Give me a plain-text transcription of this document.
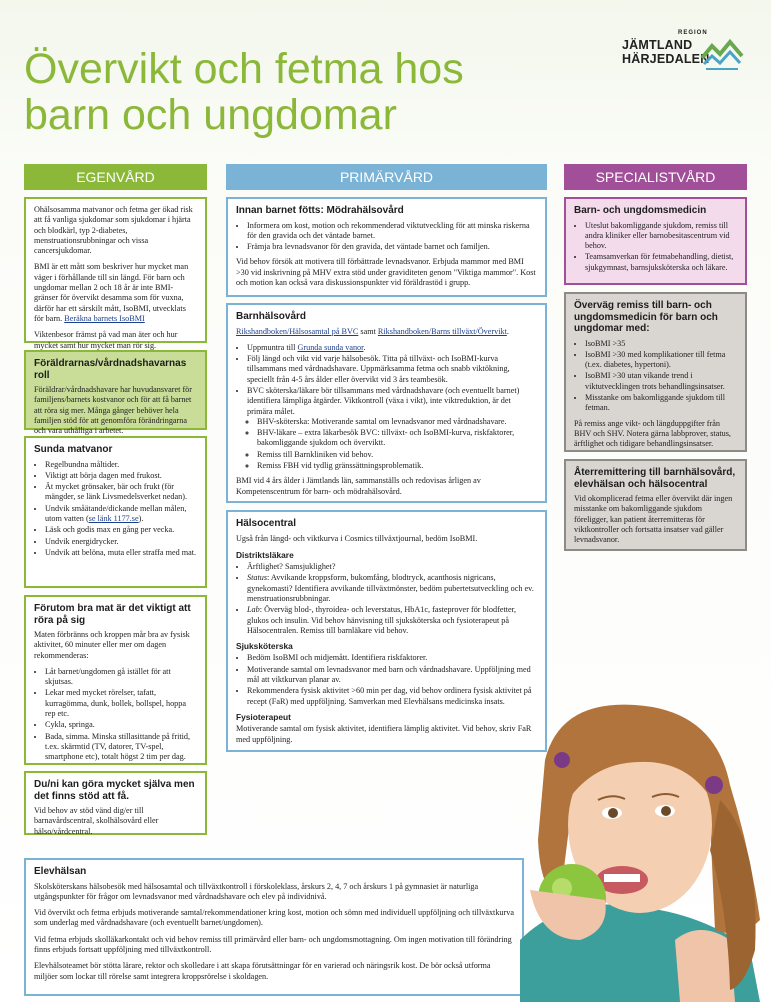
Övervikt och fetma hos barn och ungdomar
REGION
JÄMTLAND
HÄRJEDALEN
EGENVÅRD	PRIMÄRVÅRD	SPECIALISTVÅRD

Ohälsosamma matvanor och fetma ger ökad risk att få vanliga sjukdomar som sjukdomar i hjärta och blodkärl, typ 2-diabetes, menstruationsrubbningar och vissa cancersjukdomar.

BMI är ett mått som beskriver hur mycket man väger i förhållande till sin längd. För barn och ungdomar mellan 2 och 18 år är inte BMI-gränser för övervikt desamma som för vuxna, därför har ett särskilt mått, IsoBMI, utvecklats för barn. Beräkna barnets IsoBMI

Viktenbesor främst på vad man äter och hur mycket samt hur mycket man rör sig.

Föräldrarnas/vårdnadshavarnas roll

Föräldrar/vårdnadshavare har huvudansvaret för familjens/barnets kostvanor och för att få barnet att röra sig mer. Många gånger behöver hela familjen stöd för att genomföra förändringarna och vara uthålliga i arbetet.

Sunda matvanor
• Regelbundna måltider.
• Viktigt att börja dagen med frukost.
• Ät mycket grönsaker, bär och frukt (för mängder, se länk Livsmedelsverket nedan).
• Undvik småätande/dickande mellan målen, utom vatten (se länk 1177.se).
• Läsk och godis max en gång per vecka.
• Undvik energidrycker.
• Undvik att belöna, muta eller straffa med mat.
Förutom bra mat är det viktigt att röra på sig

Maten förbränns och kroppen mår bra av fysisk aktivitet, 60 minuter eller mer om dagen rekommenderas:

• Låt barnet/ungdomen gå istället för att skjutsas.
• Lekar med mycket rörelser, tafatt, kurragömma, dunk, bollek, bollspel, hoppa rep etc.
• Cykla, springa.
• Bada, simma. Minska stillasittande på fritid, t.ex. skärmtid (TV, datorer, TV-spel, smartphone etc), totalt högst 2 tim per dag.
Du/ni kan göra mycket själva men det finns stöd att få.

Vid behov av stöd vänd dig/er till barnavårdscentral, skolhälsovård eller hälso/vårdcentral.

Innan barnet fötts: Mödrahälsovård
• Informera om kost, motion och rekommenderad viktutveckling för att minska riskerna för den gravida och det väntade barnet.
• Främja bra levnadsvanor för den gravida, det väntade barnet och familjen.

Vid behov försök att motivera till förbättrade levnadsvanor. Erbjuda mammor med BMI >30 vid inskrivning på MHV extra stöd under graviditeten genom "Viktiga mammor". Kost och motion kan också vara diskussionspunkter vid föräldrastöd i grupp.

Barnhälsovård

Rikshandboken/Hälsosamtal på BVC samt Rikshandboken/Barns tillväxt/Övervikt.

• Uppmuntra till Grunda sunda vanor.
• Följ längd och vikt vid varje hälsobesök. Titta på tillväxt- och IsoBMI-kurva tillsammans med vårdnadshavare. Uppmärksamma fetma och snabb viktökning, speciellt från 4-5 års ålder eller övervikt vid 3 års teambesök.
• BVC sköterska/läkare bör tillsammans med vårdnadshavare (och eventuellt barnet) identifiera lämpliga åtgärder. Viktkontroll (växa i vikt), inte viktreduktion, är det primära målet.
◦ BHV-sköterska: Motiverande samtal om levnadsvanor med vårdnadshavare.
◦ BHV-läkare – extra läkarbesök BVC: tillväxt- och IsoBMI-kurva, riskfaktorer, bakomliggande sjukdom och överviktt.
◦ Remiss till Barnkliniken vid behov.
◦ Remiss FBH vid tydlig gränssättningsproblematik.

BMI vid 4 års ålder i Jämtlands län, sammanställs och redovisas årligen av Kompetenscentrum för barn- och mödrahälsovård.

Hälsocentral

Ugså från längd- och viktkurva i Cosmics tillväxtjournal, bedöm IsoBMI.

Distriktsläkare
• Ärftlighet? Samsjuklighet?
• Status: Avvikande kroppsform, bukomfång, blodtryck, acanthosis nigricans, gynekomasti? Identifiera avvikande tillväxtmönster, bedöm pubertetsutveckling och ev. menstruationsrubbningar.
• Lab: Överväg blod-, thyroidea- och leverstatus, HbA1c, fasteprover för blodfetter, glukos och insulin. Vid behov hänvisning till sjuksköterska och fysioterapeut på Hälsocentralen. Remiss till barnläkare vid behov.
Sjuksköterska
• Bedöm IsoBMI och midjemått. Identifiera riskfaktorer.
• Motiverande samtal om levnadsvanor med barn och vårdnadshavare. Uppföljning med mål att viktkurvan planar av.
• Rekommendera fysisk aktivitet >60 min per dag, vid behov ordinera fysisk aktivitet på recept (FaR) med uppföljning. Samverkan med Elevhälsans medicinska insats.
Fysioterapeut

Motiverande samtal om fysisk aktivitet, identifiera lämplig aktivitet. Vid behov, skriv FaR med uppföljning.

Barn- och ungdomsmedicin
• Uteslut bakomliggande sjukdom, remiss till andra kliniker eller barnobesitascentrum vid behov.
• Teamsamverkan för fetmabehandling, dietist, sjukgymnast, barnsjuksköterska och läkare.
Överväg remiss till barn- och ungdomsmedicin för barn och ungdomar med:
• IsoBMI >35
• IsoBMI >30 med komplikationer till fetma (t.ex. diabetes, hypertoni).
• IsoBMI >30 utan vikande trend i viktutvecklingen trots behandlingsinsatser.
• Misstanke om bakomliggande sjukdom till fetman.

På remiss ange vikt- och längduppgifter från BHV och SHV. Notera gärna labbprover, status, ärftlighet och tidigare behandlingsinsatser.

Återremittering till barnhälsovård, elevhälsan och hälsocentral

Vid okomplicerad fetma eller övervikt där ingen misstanke om bakomliggande sjukdom föreligger, kan patient återremitteras för viktkontroller och fortsatta insatser vad gäller levnadsvanor.

Elevhälsan

Skolsköterskans hälsobesök med hälsosamtal och tillväxtkontroll i förskoleklass, årskurs 2, 4, 7 och årskurs 1 på gymnasiet är naturliga utgångspunkter för frågor om levnadsvanor med vårdnadshavare och elev på individnivå.

Vid övervikt och fetma erbjuds motiverande samtal/rekommendationer kring kost, motion och sömn med individuell uppföljning och tillväxtkurva som underlag med vårdnadshavare (och eventuellt barnet/ungdomen).

Vid fetma erbjuds skolläkarkontakt och vid behov remiss till primärvård eller barn- och ungdomsmottagning. Om ingen motivation till förändring finns erbjuds fortsatt uppföljning med tillväxtkontroll.

Elevhälsoteamet bör stötta lärare, rektor och skolledare i att skapa förutsättningar för en varierad och näringsrik kost. De bör också utforma miljöer som lockar till rörelse samt integrera kroppsrörelse i skoldagen.
